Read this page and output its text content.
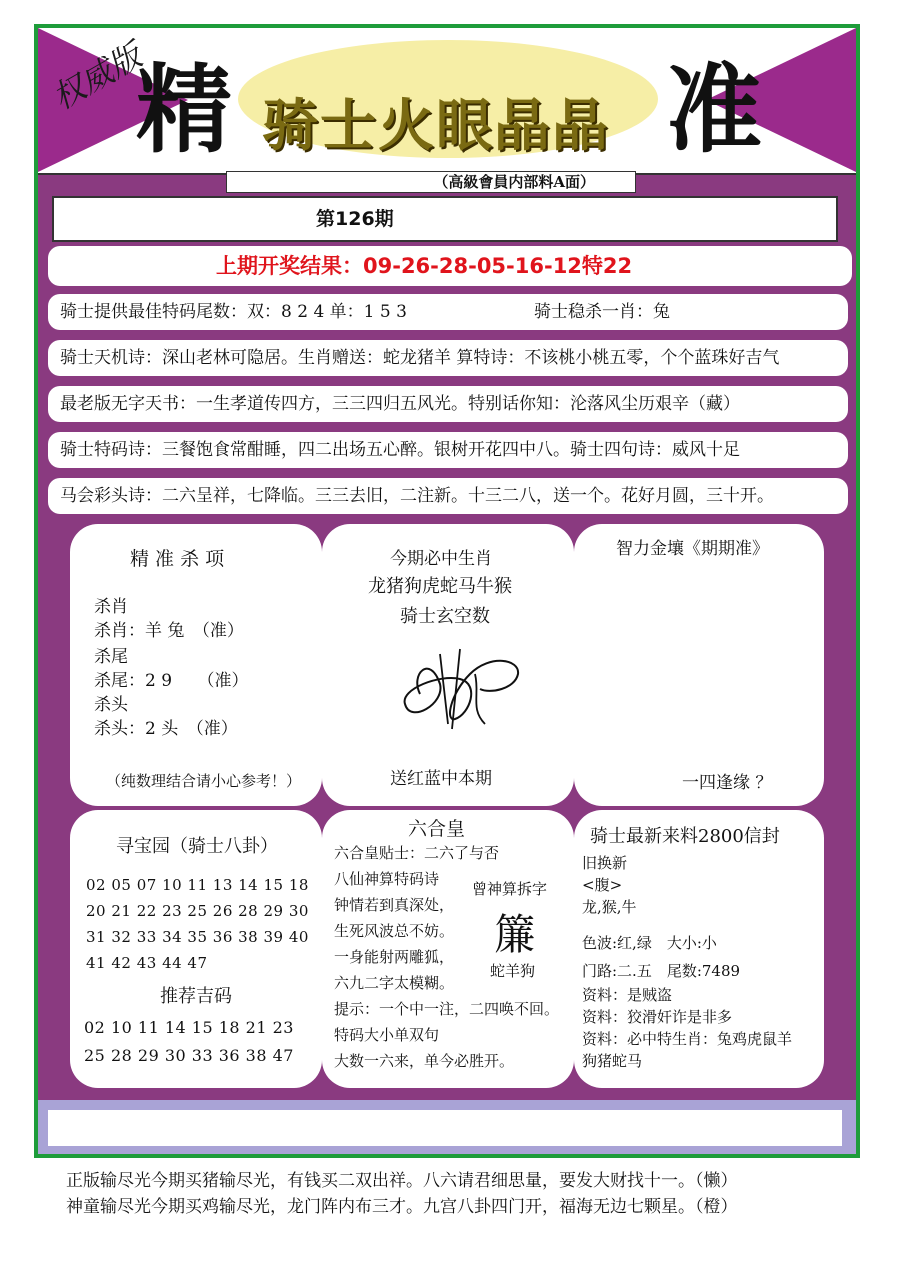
权威版
精 骑士火眼晶晶 准
（高級會員内部料A面）
第126期
上期开奖结果：09-26-28-05-16-12特22
骑士提供最佳特码尾数：双：8 2 4 单：1 5 3	骑士稳杀一肖：兔
骑士天机诗：深山老林可隐居。生肖赠送：蛇龙猪羊 算特诗：不该桃小桃五零，个个蓝珠好吉气
最老版无字天书：一生孝道传四方，三三四归五风光。特别话你知：沦落风尘历艰辛（藏）
骑士特码诗：三餐饱食常酣睡，四二出场五心醉。银树开花四中八。骑士四句诗：威风十足
马会彩头诗：二六呈祥，七降临。三三去旧，二注新。十三二八，送一个。花好月圆，三十开。
精 准 杀 项
杀肖
杀肖：羊 兔　（准）
杀尾
杀尾：2 9　　（准）
杀头
杀头：2 头　（准）
（纯数理结合请小心参考！）
今期必中生肖
龙猪狗虎蛇马牛猴
骑士玄空数
送红蓝中本期
智力金壤《期期准》
一四逢缘 ？
寻宝园（骑士八卦）
02 05 07 10 11 13 14 15 18
20 21 22 23 25 26 28 29 30
31 32 33 34 35 36 38 39 40
41 42 43 44 47
推荐吉码
02 10 11 14 15 18 21 23
25 28 29 30 33 36 38 47
六合皇
六合皇贴士：二六了与否
八仙神算特码诗
钟情若到真深处，
生死风波总不妨。
一身能射两雕狐，
六九二字太模糊。
提示：一个中一注，二四唤不回。
特码大小单双句
大数一六来，单今必胜开。
曾神算拆字
簾
蛇羊狗
骑士最新来料2800信封
旧换新
<腹>
龙,猴,牛
色波:红,绿　大小:小
门路:二.五　尾数:7489
资料：是贼盗
资料：狡滑奸诈是非多
资料：必中特生肖：兔鸡虎鼠羊
狗猪蛇马
正版输尽光今期买猪输尽光，有钱买二双出祥。八六请君细思量，要发大财找十一。（懒）
神童输尽光今期买鸡输尽光，龙门阵内布三才。九宫八卦四门开，福海无边七颗星。（橙）
